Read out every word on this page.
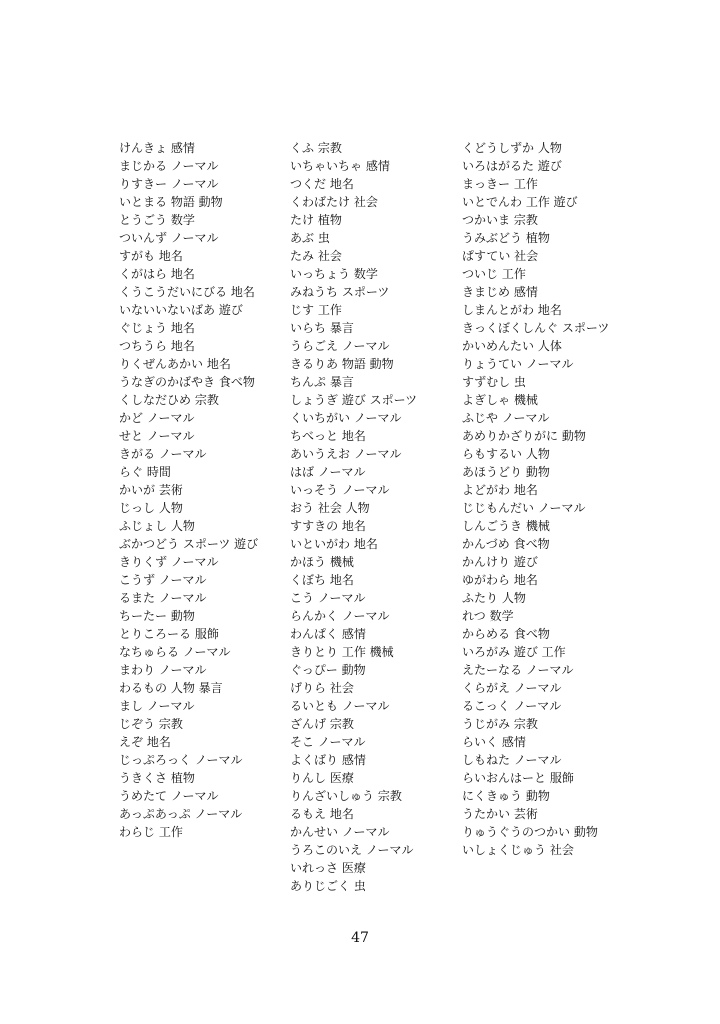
けんきょ 感情

まじかる ノーマル

りすきー ノーマル

いとまる 物語 動物

とうごう 数学

ついんず ノーマル

すがも 地名

くがはら 地名

くうこうだいにびる 地名

いないいないばあ 遊び

ぐじょう 地名

つちうら 地名

りくぜんあかい 地名

うなぎのかばやき 食べ物

くしなだひめ 宗教

かど ノーマル

せと ノーマル

きがる ノーマル

らぐ 時間

かいが 芸術

じっし 人物

ふじょし 人物

ぶかつどう スポーツ 遊び

きりくず ノーマル

こうず ノーマル

るまた ノーマル

ちーたー 動物

とりころーる 服飾

なちゅらる ノーマル

まわり ノーマル

わるもの 人物 暴言

まし ノーマル

じぞう 宗教

えぞ 地名

じっぷろっく ノーマル

うきくさ 植物

うめたて ノーマル

あっぷあっぷ ノーマル

わらじ 工作

くふ 宗教

いちゃいちゃ 感情

つくだ 地名

くわばたけ 社会

たけ 植物

あぶ 虫

たみ 社会

いっちょう 数学

みねうち スポーツ

じす 工作

いらち 暴言

うらごえ ノーマル

きるりあ 物語 動物

ちんぷ 暴言

しょうぎ 遊び スポーツ

くいちがい ノーマル

ちべっと 地名

あいうえお ノーマル

はば ノーマル

いっそう ノーマル

おう 社会 人物

すすきの 地名

いといがわ 地名

かほう 機械

くぼち 地名

こう ノーマル

らんかく ノーマル

わんぱく 感情

きりとり 工作 機械

ぐっぴー 動物

げりら 社会

るいとも ノーマル

ざんげ 宗教

そこ ノーマル

よくばり 感情

りんし 医療

りんざいしゅう 宗教

るもえ 地名

かんせい ノーマル

うろこのいえ ノーマル

いれっさ 医療

ありじごく 虫

くどうしずか 人物

いろはがるた 遊び

まっきー 工作

いとでんわ 工作 遊び

つかいま 宗教

うみぶどう 植物

ぱすてい 社会

ついじ 工作

きまじめ 感情

しまんとがわ 地名

きっくぼくしんぐ スポーツ

かいめんたい 人体

りょうてい ノーマル

すずむし 虫

よぎしゃ 機械

ふじや ノーマル

あめりかざりがに 動物

らもするい 人物

あほうどり 動物

よどがわ 地名

じじもんだい ノーマル

しんごうき 機械

かんづめ 食べ物

かんけり 遊び

ゆがわら 地名

ふたり 人物

れつ 数学

からめる 食べ物

いろがみ 遊び 工作

えたーなる ノーマル

くらがえ ノーマル

るこっく ノーマル

うじがみ 宗教

らいく 感情

しもねた ノーマル

らいおんはーと 服飾

にくきゅう 動物

うたかい 芸術

りゅうぐうのつかい 動物

いしょくじゅう 社会

47
